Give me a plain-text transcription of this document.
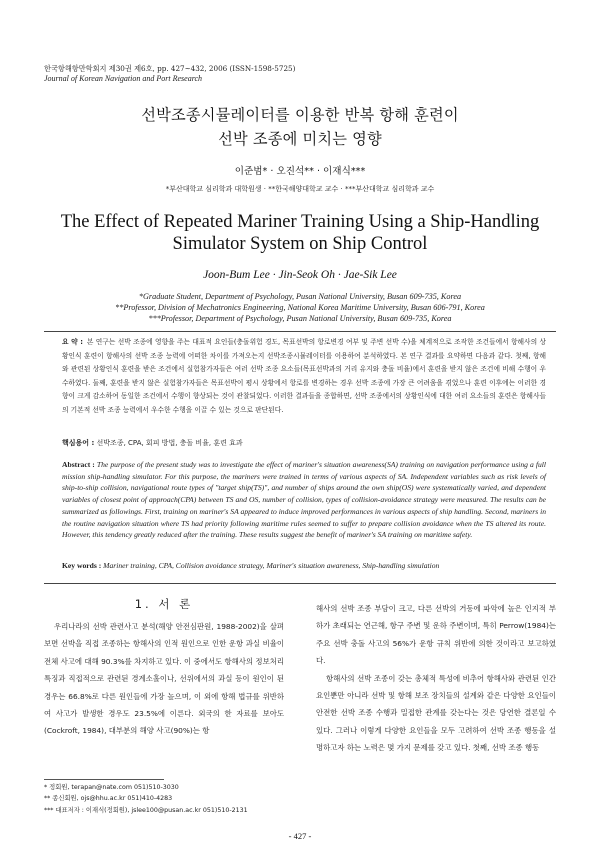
한국항해항만학회지 제30권 제6호, pp. 427~432, 2006 (ISSN-1598-5725)
Journal of Korean Navigation and Port Research
선박조종시뮬레이터를 이용한 반복 항해 훈련이
선박 조종에 미치는 영향
이준범* · 오진석** · 이재식***
*부산대학교 심리학과 대학원생 · **한국해양대학교 교수 · ***부산대학교 심리학과 교수
The Effect of Repeated Mariner Training Using a Ship-Handling
Simulator System on Ship Control
Joon-Bum Lee · Jin-Seok Oh · Jae-Sik Lee
*Graduate Student, Department of Psychology, Pusan National University, Busan 609-735, Korea
**Professor, Division of Mechatronics Engineering, National Korea Maritime University, Busan 606-791, Korea
***Professor, Department of Psychology, Pusan National University, Busan 609-735, Korea
요 약 : 본 연구는 선박 조종에 영향을 주는 대표적 요인들(충돌위험 경도, 목표선박의 항로변경 여부 및 주변 선박 수)을 체계적으로 조작한 조건들에서 항해사의 상황인식 훈련이 항해사의 선박 조종 능력에 어떠한 차이를 가져오는지 선박조종시뮬레이터를 이용하여 분석하였다. 본 연구 결과를 요약하면 다음과 같다. 첫째, 항해와 관련된 상황인식 훈련을 받은 조건에서 실험참가자들은 여러 선박 조종 요소들(목표선박과의 거리 유지와 충돌 비율)에서 훈련을 받지 않은 조건에 비해 수행이 우수하였다. 둘째, 훈련을 받지 않은 실험참가자들은 목표선박이 평시 상황에서 항로를 변경하는 경우 선박 조종에 가장 큰 어려움을 겪었으나 훈련 이후에는 이러한 경향이 크게 감소하여 동일한 조건에서 수행이 향상되는 것이 관찰되었다. 이러한 결과들을 종합하면, 선박 조종에서의 상황인식에 대한 여러 요소들의 훈련은 항해사들의 기본적 선박 조종 능력에서 우수한 수행을 이끌 수 있는 것으로 판단된다.
핵심용어 : 선박조종, CPA, 회피 방법, 충돌 비율, 훈련 효과
Abstract : The purpose of the present study was to investigate the effect of mariner's situation awareness(SA) training on navigation performance using a full mission ship-handling simulator. For this purpose, the mariners were trained in terms of various aspects of SA. Independent variables such as risk levels of ship-to-ship collision, navigational route types of "target ship(TS)", and number of ships around the own ship(OS) were systematically varied, and dependent variables of closest point of approach(CPA) between TS and OS, number of collision, types of collision-avoidance strategy were measured. The results can be summarized as followings. First, training on mariner's SA appeared to induce improved performances in various aspects of ship handling. Second, mariners in the routine navigation situation where TS had priority following maritime rules seemed to suffer to prepare collision avoidance when the TS altered its route. However, this tendency greatly reduced after the training. These results suggest the benefit of mariner's SA training on maritime safety.
Key words : Mariner training, CPA, Collision avoidance strategy, Mariner's situation awareness, Ship-handling simulation
1. 서 론

우리나라의 선박 관련사고 분석(해양 안전심판원, 1988-2002)을 살펴보면 선박을 직접 조종하는 항해사의 인적 원인으로 인한 운항 과실 비율이 전체 사고에 대해 90.3%를 차지하고 있다. 이 중에서도 항해사의 정보처리 특징과 직접적으로 관련된 경계소홀이나, 선위에서의 과실 등이 원인이 된 경우는 66.8%로 다른 원인들에 가장 높으며, 이 외에 항해 법규를 위반하여 사고가 발생한 경우도 23.5%에 이른다. 외국의 한 자료를 보아도(Cockroft, 1984), 대부분의 해양 사고(90%)는 항

해사의 선박 조종 부담이 크고, 다른 선박의 거동에 파악에 높은 인지적 부하가 초래되는 연근해, 항구 주변 및 운하 주변이며, 특히 Perrow(1984)는 주요 선박 충돌 사고의 56%가 운항 규칙 위반에 의한 것이라고 보고하였다.

항해사의 선박 조종이 갖는 총체적 특성에 비추어 항해사와 관련된 인간 요인뿐만 아니라 선박 및 항해 보조 장치들의 설계와 같은 다양한 요인들이 안전한 선박 조종 수행과 밀접한 관계를 갖는다는 것은 당연한 결론일 수 있다. 그러나 이렇게 다양한 요인들을 모두 고려하여 선박 조종 행동을 설명하고자 하는 노력은 몇 가지 문제를 갖고 있다. 첫째, 선박 조종 행동

* 정회원, terapan@nate.com 051)510-3030
** 종신회원, ojs@hhu.ac.kr 051)410-4283
*** 대표저자 : 이재식(정회원), jslee100@pusan.ac.kr 051)510-2131
- 427 -
